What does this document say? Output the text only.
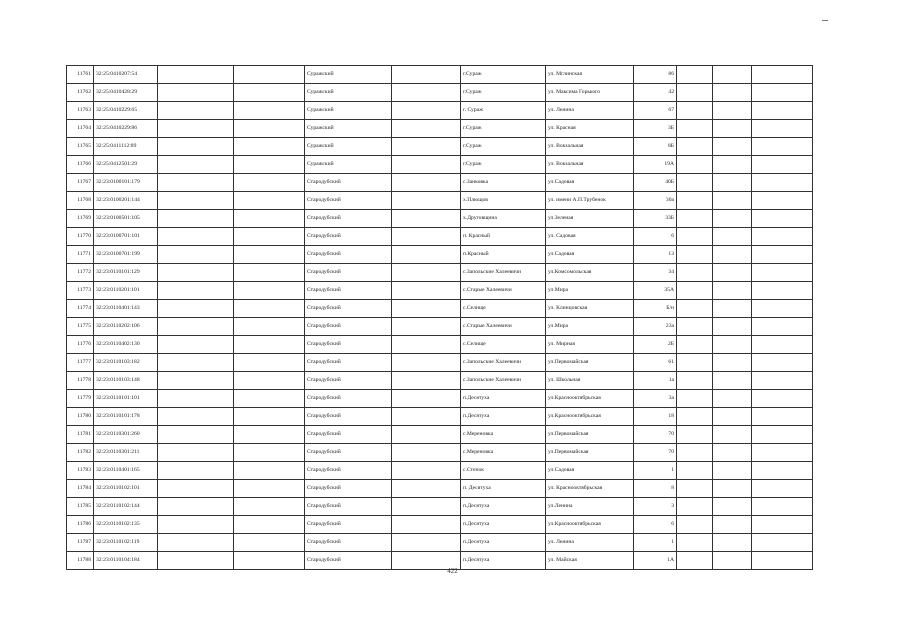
11761	32:25:0410207:54			Суражский		г.Сураж	ул. Мглинская	86			
11762	32:25:0410428:29			Суражский		г.Сураж	ул. Максима Горького	42			
11763	32:25:0410229:65			Суражский		г. Сураж	ул. Ленина	67			
11764	32:25:0410229:86			Суражский		г.Сураж	ул. Красная	3Б			
11765	32:25:0411112:89			Суражский		г.Сураж	ул. Вокзальная	8Б			
11766	32:25:0412501:29			Суражский		г.Сураж	ул. Вокзальная	19А			
11767	32:23:0100101:179			Стародубский		с.Занковка	ул.Садовая	40Б			
11768	32:23:0100201:144			Стародубский		х.Плющов	ул. имени А.П.Трубенок	30а			
11769	32:23:0100501:105			Стародубский		х.Друговщина	ул.Зеленая	33Б			
11770	32:23:0100701:101			Стародубский		п. Красный	ул. Садовая	6			
11771	32:23:0100701:199			Стародубский		п.Красный	ул.Садовая	13			
11772	32:23:0110101:129			Стародубский		с.Запольские Халеевичи	ул.Комсомольская	34			
11773	32:23:0110201:101			Стародубский		с.Старые Халеевичи	ул.Мира	35А			
11774	32:23:0110401:143			Стародубский		с.Селище	ул. Клинцовская	Б/н			
11775	32:23:0110202:106			Стародубский		с.Старые Халеевичи	ул.Мира	23а			
11776	32:23:0110402:130			Стародубский		с.Селище	ул. Мирная	2Б			
11777	32:23:0110103:182			Стародубский		с.Запольские Халеевичи	ул.Первомайская	61			
11778	32:23:0110103:148			Стародубский		с.Запольские Халеевичи	ул. Школьная	1а			
11779	32:23:0110101:101			Стародубский		п.Десятуха	ул.Красноoктябрьская	3а			
11780	32:23:0110101:178			Стародубский		п.Десятуха	ул.Красноoктябрьская	18			
11781	32:23:0110301:260			Стародубский		с.Мереновка	ул.Первомайская	70			
11782	32:23:0110301:211			Стародубский		с.Мереновка	ул.Первомайская	70			
11783	32:23:0110401:165			Стародубский		с.Степок	ул.Садовая	1			
11784	32:23:0110102:101			Стародубский		п. Десятуха	ул. Краснооктябрьская	8			
11785	32:23:0110102:144			Стародубский		п.Десятуха	ул.Ленина	3			
11786	32:23:0110102:135			Стародубский		п.Десятуха	ул.Красноoктябрьская	6			
11787	32:23:0110102:119			Стародубский		п.Десятуха	ул. Ленина	1			
11788	32:23:0110104:184			Стародубский		п.Десятуха	ул. Майская	1А			
422
